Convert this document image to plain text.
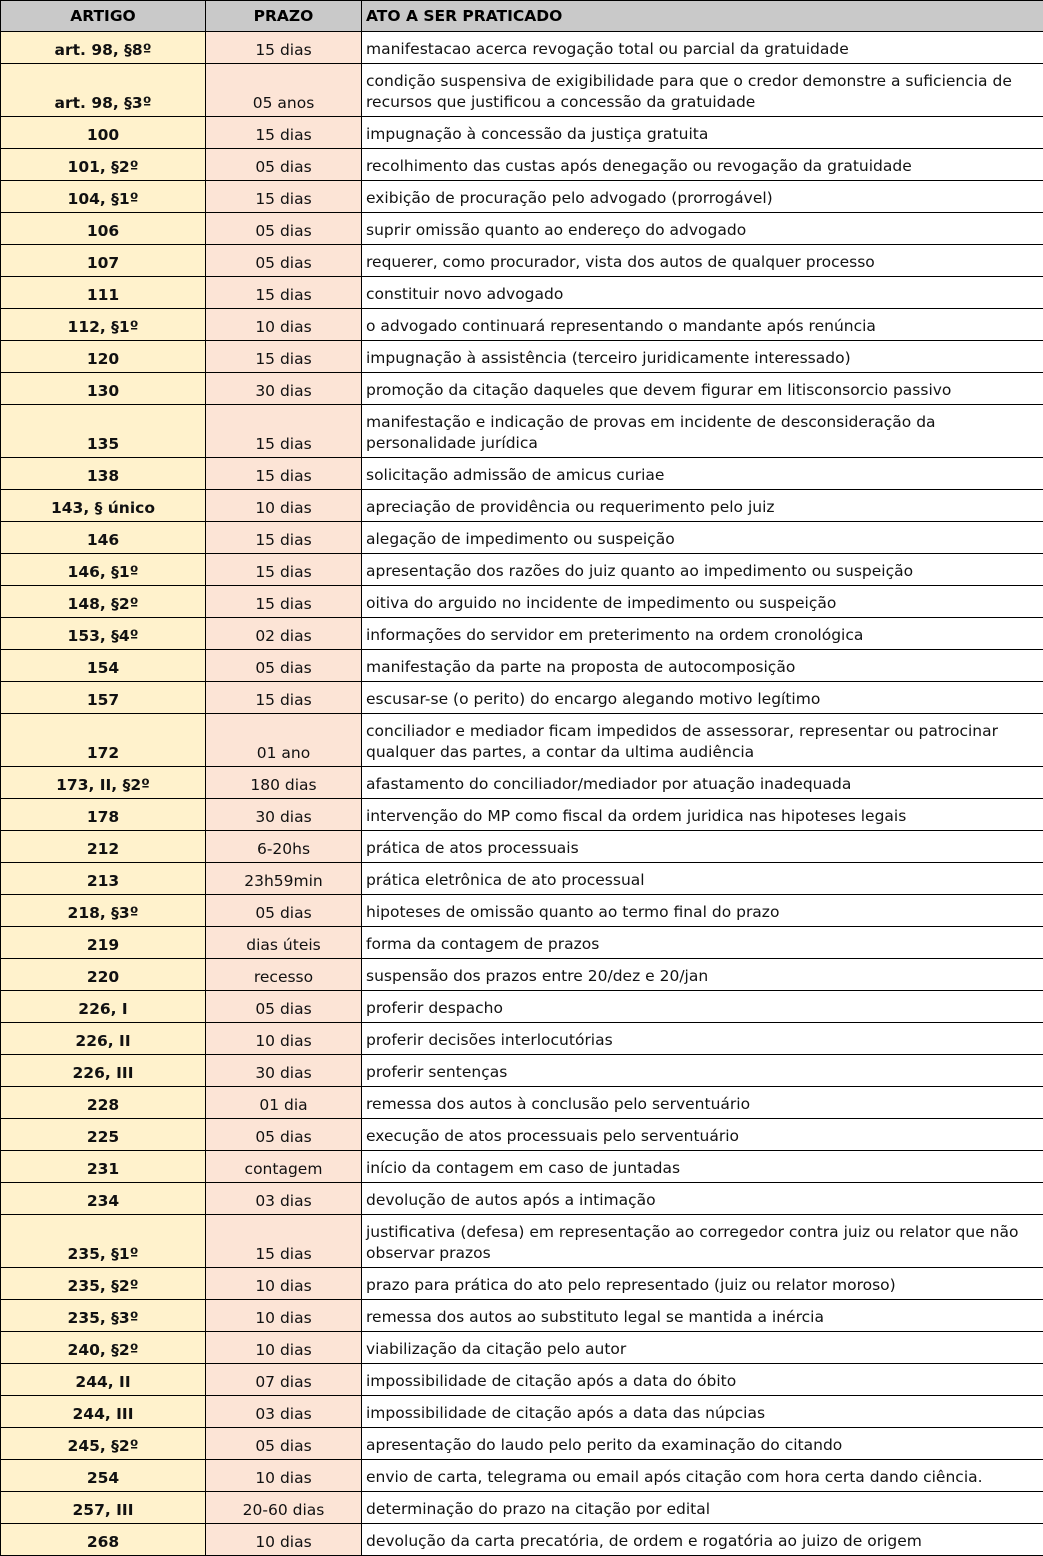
ARTIGO	PRAZO	ATO A SER PRATICADO
art. 98, §8º	15 dias	manifestacao acerca revogação total ou parcial da gratuidade
art. 98, §3º	05 anos	condição suspensiva de exigibilidade para que o credor demonstre a suficiencia de recursos que justificou a concessão da gratuidade
100	15 dias	impugnação à concessão da justiça gratuita
101, §2º	05 dias	recolhimento das custas após denegação ou revogação da gratuidade
104, §1º	15 dias	exibição de procuração pelo advogado (prorrogável)
106	05 dias	suprir omissão quanto ao endereço do advogado
107	05 dias	requerer, como procurador, vista dos autos de qualquer processo
111	15 dias	constituir novo advogado
112, §1º	10 dias	o advogado continuará representando o mandante após renúncia
120	15 dias	impugnação à assistência (terceiro juridicamente interessado)
130	30 dias	promoção da citação daqueles que devem figurar em litisconsorcio passivo
135	15 dias	manifestação e indicação de provas em incidente de desconsideração da personalidade jurídica
138	15 dias	solicitação admissão de amicus curiae
143, § único	10 dias	apreciação de providência ou requerimento pelo juiz
146	15 dias	alegação de impedimento ou suspeição
146, §1º	15 dias	apresentação dos razões do juiz quanto ao impedimento ou suspeição
148, §2º	15 dias	oitiva do arguido no incidente de impedimento ou suspeição
153, §4º	02 dias	informações do servidor em preterimento na ordem cronológica
154	05 dias	manifestação da parte na proposta de autocomposição
157	15 dias	escusar-se (o perito) do encargo alegando motivo legítimo
172	01 ano	conciliador e mediador ficam impedidos de assessorar, representar ou patrocinar qualquer das partes, a contar da ultima audiência
173, II, §2º	180 dias	afastamento do conciliador/mediador por atuação inadequada
178	30 dias	intervenção do MP como fiscal da ordem juridica nas hipoteses legais
212	6-20hs	prática de atos processuais
213	23h59min	prática eletrônica de ato processual
218, §3º	05 dias	hipoteses de omissão quanto ao termo final do prazo
219	dias úteis	forma da contagem de prazos
220	recesso	suspensão dos prazos entre 20/dez e 20/jan
226, I	05 dias	proferir despacho
226, II	10 dias	proferir decisões interlocutórias
226, III	30 dias	proferir sentenças
228	01 dia	remessa dos autos à conclusão pelo serventuário
225	05 dias	execução de atos processuais pelo serventuário
231	contagem	início da contagem em caso de juntadas
234	03 dias	devolução de autos após a intimação
235, §1º	15 dias	justificativa (defesa) em representação ao corregedor contra juiz ou relator que não observar prazos
235, §2º	10 dias	prazo para prática do ato pelo representado (juiz ou relator moroso)
235, §3º	10 dias	remessa dos autos ao substituto legal se mantida a inércia
240, §2º	10 dias	viabilização da citação pelo autor
244, II	07 dias	impossibilidade de citação após a data do óbito
244, III	03 dias	impossibilidade de citação após a data das núpcias
245, §2º	05 dias	apresentação do laudo pelo perito da examinação do citando
254	10 dias	envio de carta, telegrama ou email após citação com hora certa dando ciência.
257, III	20-60 dias	determinação do prazo na citação por edital
268	10 dias	devolução da carta precatória, de ordem e rogatória ao juizo de origem
